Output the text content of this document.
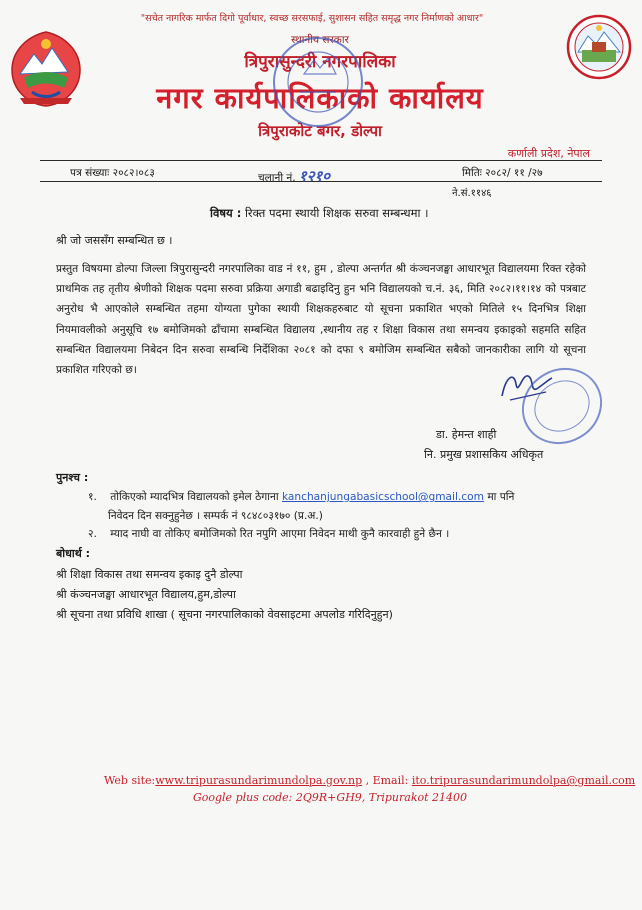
"सचेत नागरिक मार्फत दिगो पूर्वाधार, स्वच्छ सरसफाई, सुशासन सहित समृद्ध नगर निर्माणको आधार"
स्थानीय सरकार
त्रिपुरासुन्दरी नगरपालिका
नगर कार्यपालिकाको कार्यालय
त्रिपुराकोट बगर, डोल्पा
कर्णाली प्रदेश, नेपाल
पत्र संख्याः २०८२।०८३	चलानी नं. १२१०	मितिः २०८२/ ११ /२७
ने.सं.११४६
विषय : रिक्त पदमा स्थायी शिक्षक सरुवा सम्बन्धमा ।
श्री जो जससँग सम्बन्धित छ ।
प्रस्तुत विषयमा डोल्पा जिल्ला त्रिपुरासुन्दरी नगरपालिका वाड नं ११, हुम , डोल्पा अन्तर्गत श्री कंञ्चनजङ्घा आधारभूत विद्यालयमा रिक्त रहेको प्राथमिक तह तृतीय श्रेणीको शिक्षक पदमा सरुवा प्रक्रिया अगाडी बढाइदिनु हुन भनि विद्यालयको च.नं. ३६, मिति २०८२।११।१४ को पत्रबाट अनुरोध भै आएकोले सम्बन्धित तहमा योग्यता पुगेका स्थायी शिक्षकहरुबाट यो सूचना प्रकाशित भएको मितिले १५ दिनभित्र शिक्षा नियमावलीको अनुसूचि १७ बमोजिमको ढाँचामा सम्बन्धित विद्यालय ,स्थानीय तह र शिक्षा विकास तथा समन्वय इकाइको सहमति सहित सम्बन्धित विद्यालयमा निबेदन दिन सरुवा सम्बन्धि निर्देशिका २०८१ को दफा ९ बमोजिम सम्बन्धित सबैको जानकारीका लागि यो सूचना प्रकाशित गरिएको छ।
डा. हेमन्त शाही
नि. प्रमुख प्रशासकिय अधिकृत
पुनश्च :
१. तोकिएको म्यादभित्र विद्यालयको इमेल ठेगाना kanchanjungabasicschool@gmail.com मा पनि
निवेदन दिन सक्नुहुनेछ । सम्पर्क नं ९८४८०३१७० (प्र.अ.)
२. म्याद नाघी वा तोकिए बमोजिमको रित नपुगि आएमा निवेदन माथी कुनै कारवाही हुने छैन ।
बोधार्थ :
श्री शिक्षा विकास तथा समन्वय इकाइ दुनै डोल्पा
श्री कंञ्चनजङ्घा आधारभूत विद्यालय,हुम,डोल्पा
श्री सूचना तथा प्रविधि शाखा ( सूचना नगरपालिकाको वेवसाइटमा अपलोड गरिदिनुहुन)
Web site:www.tripurasundarimundolpa.gov.np , Email: ito.tripurasundarimundolpa@gmail.com
Google plus code: 2Q9R+GH9, Tripurakot 21400
